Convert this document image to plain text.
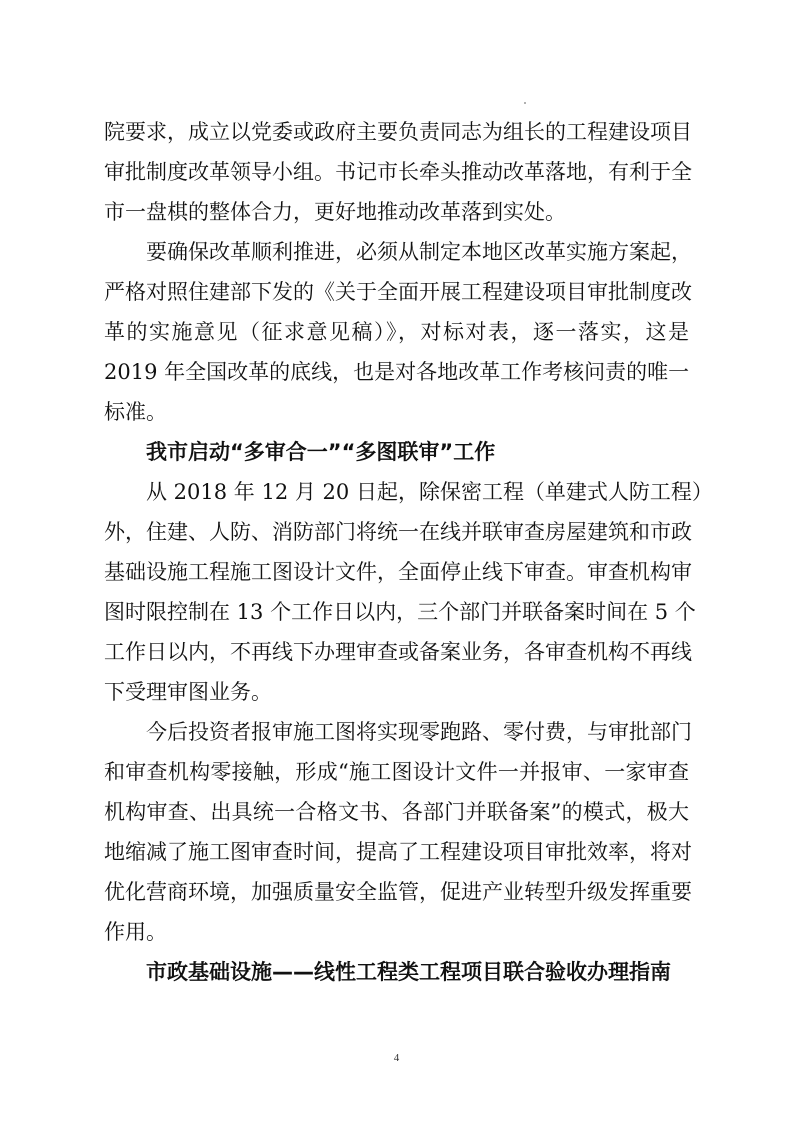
院要求，成立以党委或政府主要负责同志为组长的工程建设项目
审批制度改革领导小组。书记市长牵头推动改革落地，有利于全
市一盘棋的整体合力，更好地推动改革落到实处。
要确保改革顺利推进，必须从制定本地区改革实施方案起，
严格对照住建部下发的《关于全面开展工程建设项目审批制度改
革的实施意见（征求意见稿）》，对标对表，逐一落实，这是
2019 年全国改革的底线，也是对各地改革工作考核问责的唯一
标准。
我市启动“多审合一”“多图联审”工作
从 2018 年 12 月 20 日起，除保密工程（单建式人防工程）
外，住建、人防、消防部门将统一在线并联审查房屋建筑和市政
基础设施工程施工图设计文件，全面停止线下审查。审查机构审
图时限控制在 13 个工作日以内，三个部门并联备案时间在 5 个
工作日以内，不再线下办理审查或备案业务，各审查机构不再线
下受理审图业务。
今后投资者报审施工图将实现零跑路、零付费，与审批部门
和审查机构零接触，形成“施工图设计文件一并报审、一家审查
机构审查、出具统一合格文书、各部门并联备案”的模式，极大
地缩减了施工图审查时间，提高了工程建设项目审批效率，将对
优化营商环境，加强质量安全监管，促进产业转型升级发挥重要
作用。
市政基础设施——线性工程类工程项目联合验收办理指南
4
